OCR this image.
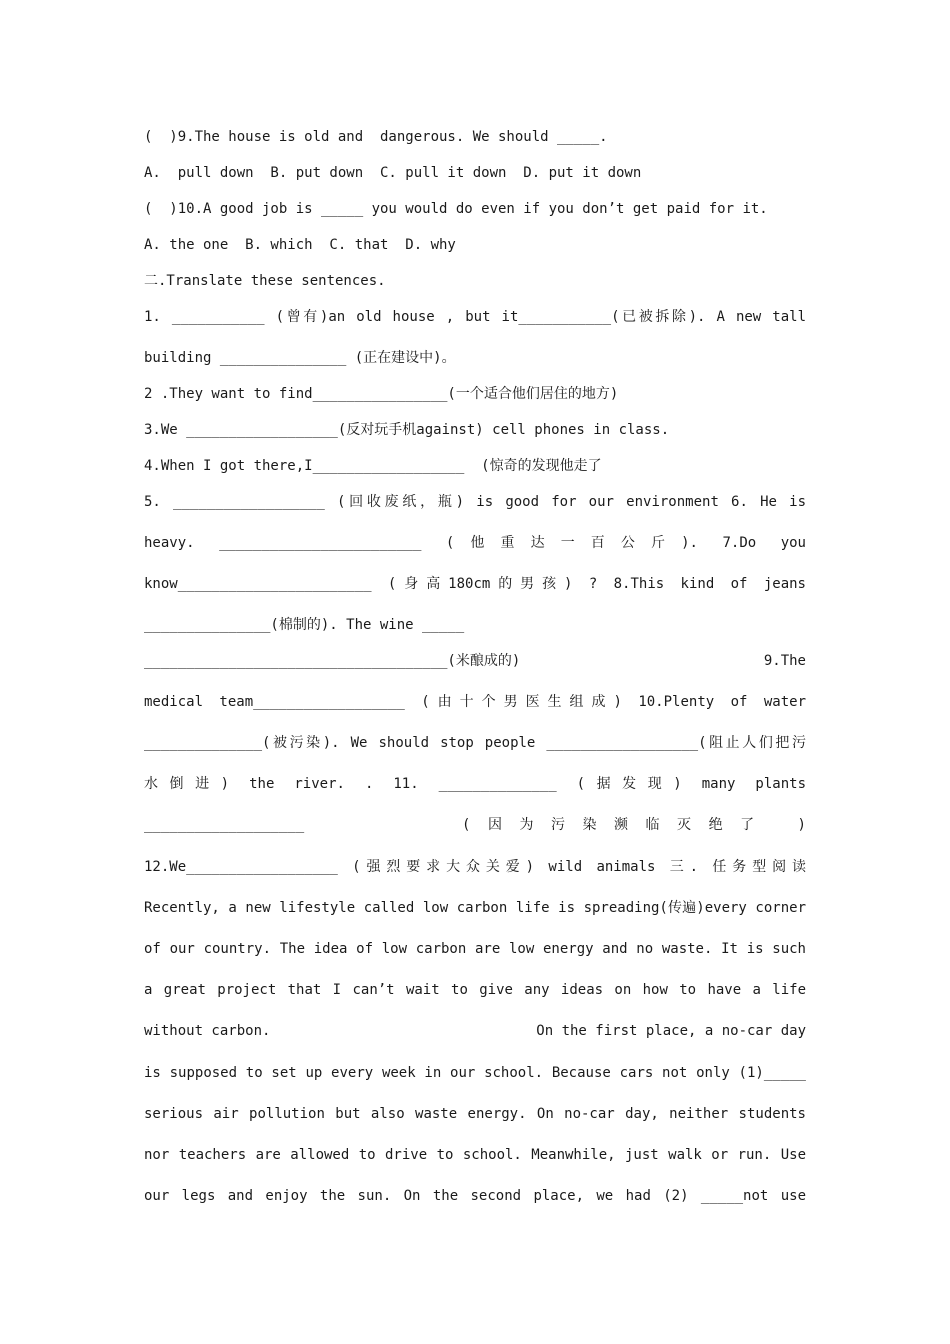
(  )9.The house is old and  dangerous. We should _____.
A.  pull down  B. put down  C. pull it down  D. put it down
(  )10.A good job is _____ you would do even if you don’t get paid for it.
A. the one  B. which  C. that  D. why
二.Translate these sentences.
1. ___________ (曾有)an old house , but it___________(已被拆除). A new tall
building _______________ (正在建设中)。
2 .They want to find________________(一个适合他们居住的地方)
3.We __________________(反对玩手机against) cell phones in class.
4.When I got there,I__________________  (惊奇的发现他走了
5. __________________ (回收废纸，瓶) is good for our environment 6. He is
heavy. ________________________ (他重达一百公斤). 7.Do you
know_______________________ (身高180cm的男孩) ? 8.This kind of jeans
_______________(棉制的). The wine _____
____________________________________(米酿成的)	9.The
medical team__________________ (由十个男医生组成) 10.Plenty of water
______________(被污染). We should stop people __________________(阻止人们把污
水倒进) the river. . 11. ______________ (据发现) many plants
___________________	(因为污染濒临灭绝了 )
12.We__________________ (强烈要求大众关爱) wild animals 三. 任务型阅读
Recently, a new lifestyle called low carbon life is spreading(传遍)every corner
of our country. The idea of low carbon are low energy and no waste. It is such
a great project that I can’t wait to give any ideas on how to have a life
without carbon.	On the first place, a no-car day
is supposed to set up every week in our school. Because cars not only (1)_____
serious air pollution but also waste energy. On no-car day, neither students
nor teachers are allowed to drive to school. Meanwhile, just walk or run. Use
our legs and enjoy the sun. On the second place, we had (2) _____not use
